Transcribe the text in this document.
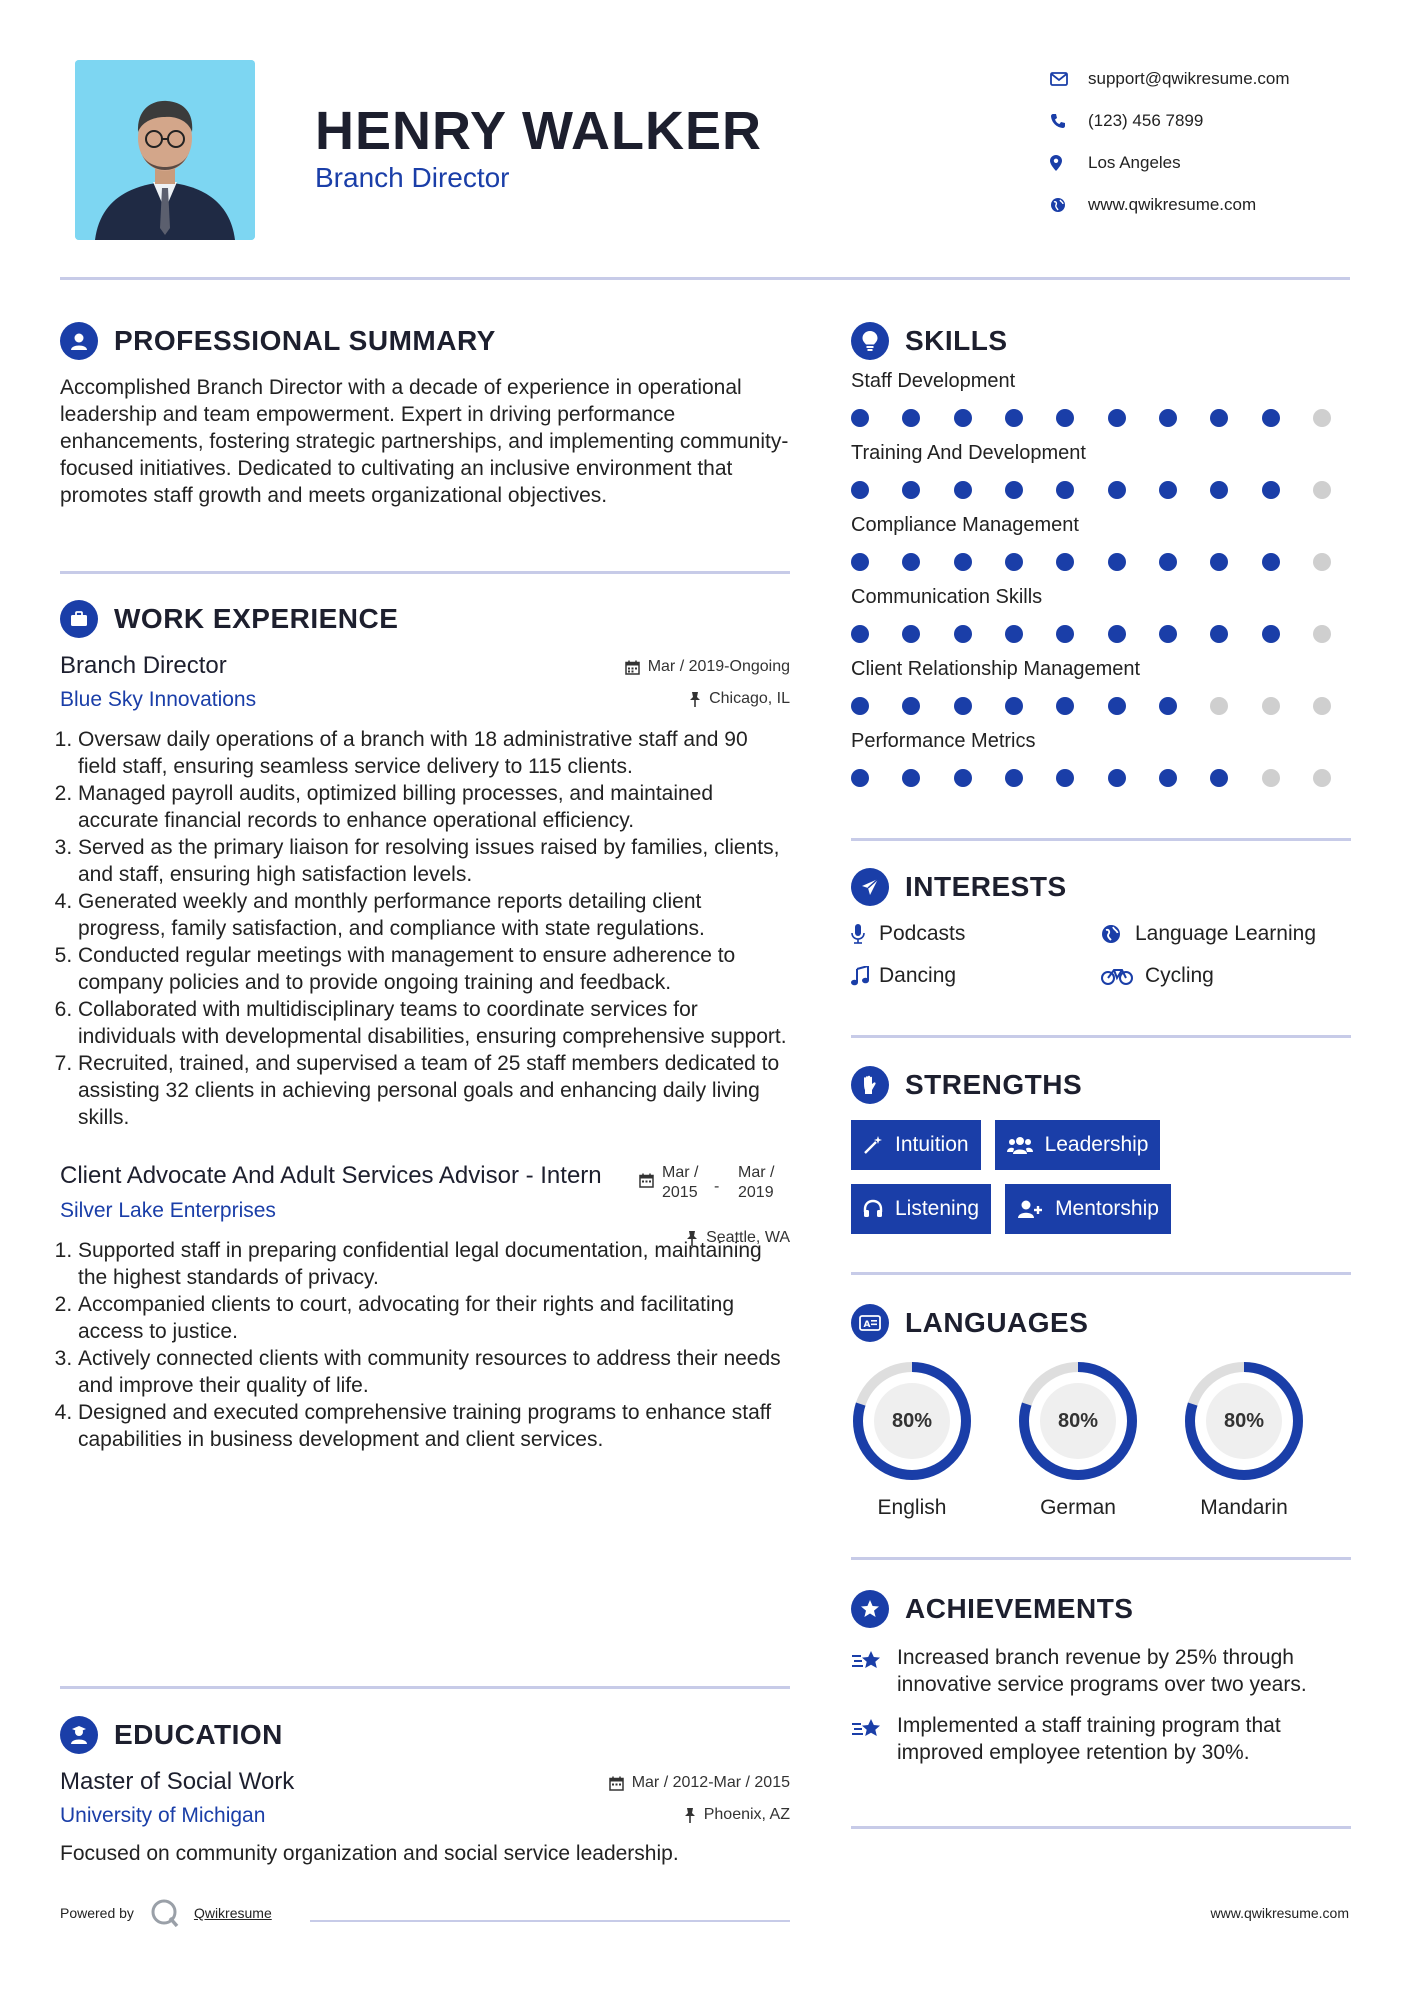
HENRY WALKER
Branch Director
support@qwikresume.com
(123) 456 7899
Los Angeles
www.qwikresume.com
PROFESSIONAL SUMMARY

Accomplished Branch Director with a decade of experience in operational leadership and team empowerment. Expert in driving performance enhancements, fostering strategic partnerships, and implementing community-focused initiatives. Dedicated to cultivating an inclusive environment that promotes staff growth and meets organizational objectives.

WORK EXPERIENCE
Branch Director
Blue Sky Innovations
Mar / 2019-Ongoing
Chicago, IL
1. Oversaw daily operations of a branch with 18 administrative staff and 90 field staff, ensuring seamless service delivery to 115 clients.
2. Managed payroll audits, optimized billing processes, and maintained accurate financial records to enhance operational efficiency.
3. Served as the primary liaison for resolving issues raised by families, clients, and staff, ensuring high satisfaction levels.
4. Generated weekly and monthly performance reports detailing client progress, family satisfaction, and compliance with state regulations.
5. Conducted regular meetings with management to ensure adherence to company policies and to provide ongoing training and feedback.
6. Collaborated with multidisciplinary teams to coordinate services for individuals with developmental disabilities, ensuring comprehensive support.
7. Recruited, trained, and supervised a team of 25 staff members dedicated to assisting 32 clients in achieving personal goals and enhancing daily living skills.
Client Advocate And Adult Services Advisor - Intern
Silver Lake Enterprises
Mar / 2015	-
Mar / 2019
Seattle, WA
1. Supported staff in preparing confidential legal documentation, maintaining the highest standards of privacy.
2. Accompanied clients to court, advocating for their rights and facilitating access to justice.
3. Actively connected clients with community resources to address their needs and improve their quality of life.
4. Designed and executed comprehensive training programs to enhance staff capabilities in business development and client services.
EDUCATION
Master of Social Work
University of Michigan
Mar / 2012-Mar / 2015
Phoenix, AZ

Focused on community organization and social service leadership.

SKILLS
Staff Development
Training And Development
Compliance Management
Communication Skills
Client Relationship Management
Performance Metrics
INTERESTS
Podcasts	Language Learning
Dancing	Cycling
STRENGTHS
Intuition	Leadership
Listening	Mentorship
A LANGUAGES
80%
English
80%
German
80%
Mandarin
ACHIEVEMENTS
Increased branch revenue by 25% through innovative service programs over two years.
Implemented a staff training program that improved employee retention by 30%.
Powered by	Qwikresume	www.qwikresume.com
